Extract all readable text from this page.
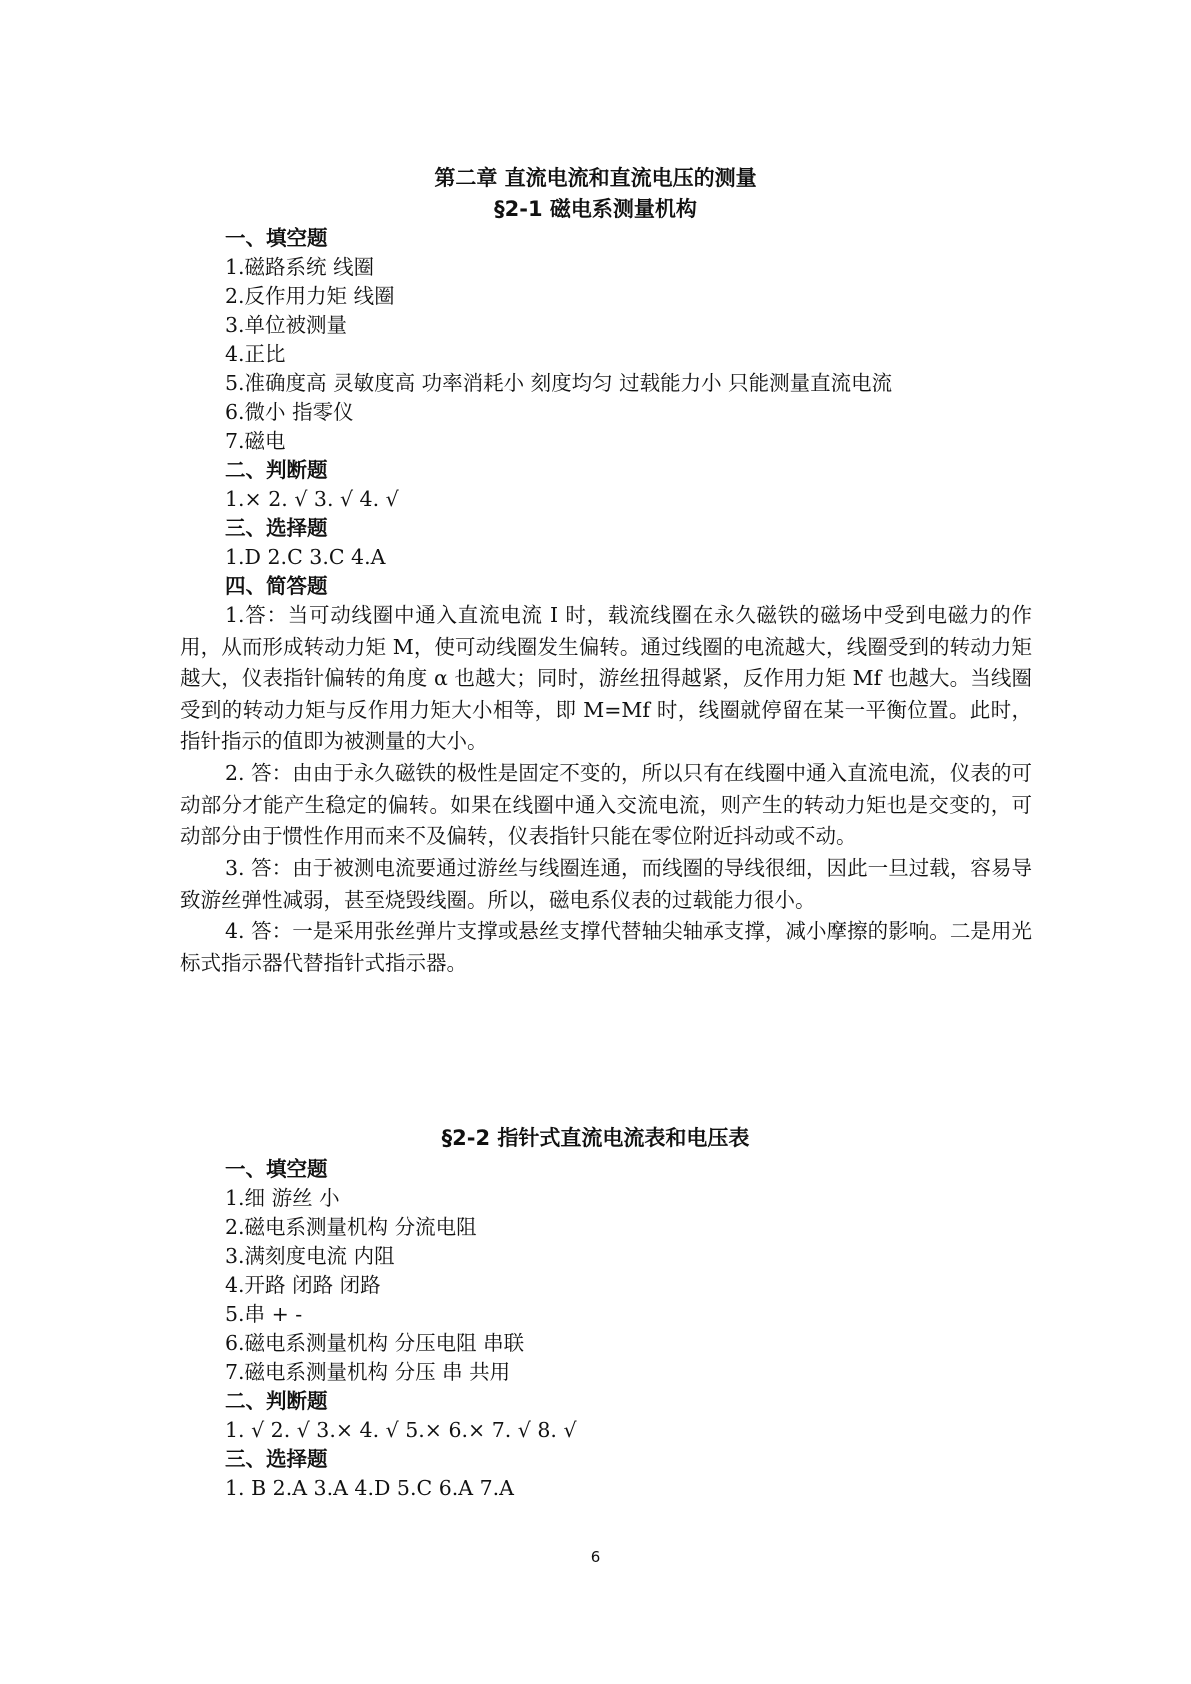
第二章 直流电流和直流电压的测量
§2-1 磁电系测量机构

一、填空题

1.磁路系统 线圈

2.反作用力矩 线圈

3.单位被测量

4.正比

5.准确度高 灵敏度高 功率消耗小 刻度均匀 过载能力小 只能测量直流电流

6.微小 指零仪

7.磁电

二、判断题

1.× 2. √ 3. √ 4. √

三、选择题

1.D 2.C 3.C 4.A

四、简答题

1.答：当可动线圈中通入直流电流 I 时，载流线圈在永久磁铁的磁场中受到电磁力的作用，从而形成转动力矩 M，使可动线圈发生偏转。通过线圈的电流越大，线圈受到的转动力矩越大，仪表指针偏转的角度 α 也越大；同时，游丝扭得越紧，反作用力矩 Mf 也越大。当线圈受到的转动力矩与反作用力矩大小相等，即 M=Mf 时，线圈就停留在某一平衡位置。此时，指针指示的值即为被测量的大小。

2. 答：由由于永久磁铁的极性是固定不变的，所以只有在线圈中通入直流电流，仪表的可动部分才能产生稳定的偏转。如果在线圈中通入交流电流，则产生的转动力矩也是交变的，可动部分由于惯性作用而来不及偏转，仪表指针只能在零位附近抖动或不动。

3. 答：由于被测电流要通过游丝与线圈连通，而线圈的导线很细，因此一旦过载，容易导致游丝弹性减弱，甚至烧毁线圈。所以，磁电系仪表的过载能力很小。

4. 答：一是采用张丝弹片支撑或悬丝支撑代替轴尖轴承支撑，减小摩擦的影响。二是用光标式指示器代替指针式指示器。

§2-2 指针式直流电流表和电压表

一、填空题

1.细 游丝 小

2.磁电系测量机构 分流电阻

3.满刻度电流 内阻

4.开路 闭路 闭路

5.串 + -

6.磁电系测量机构 分压电阻 串联

7.磁电系测量机构 分压 串 共用

二、判断题

1. √ 2. √ 3.× 4. √ 5.× 6.× 7. √ 8. √

三、选择题

1. B 2.A 3.A 4.D 5.C 6.A 7.A

6
